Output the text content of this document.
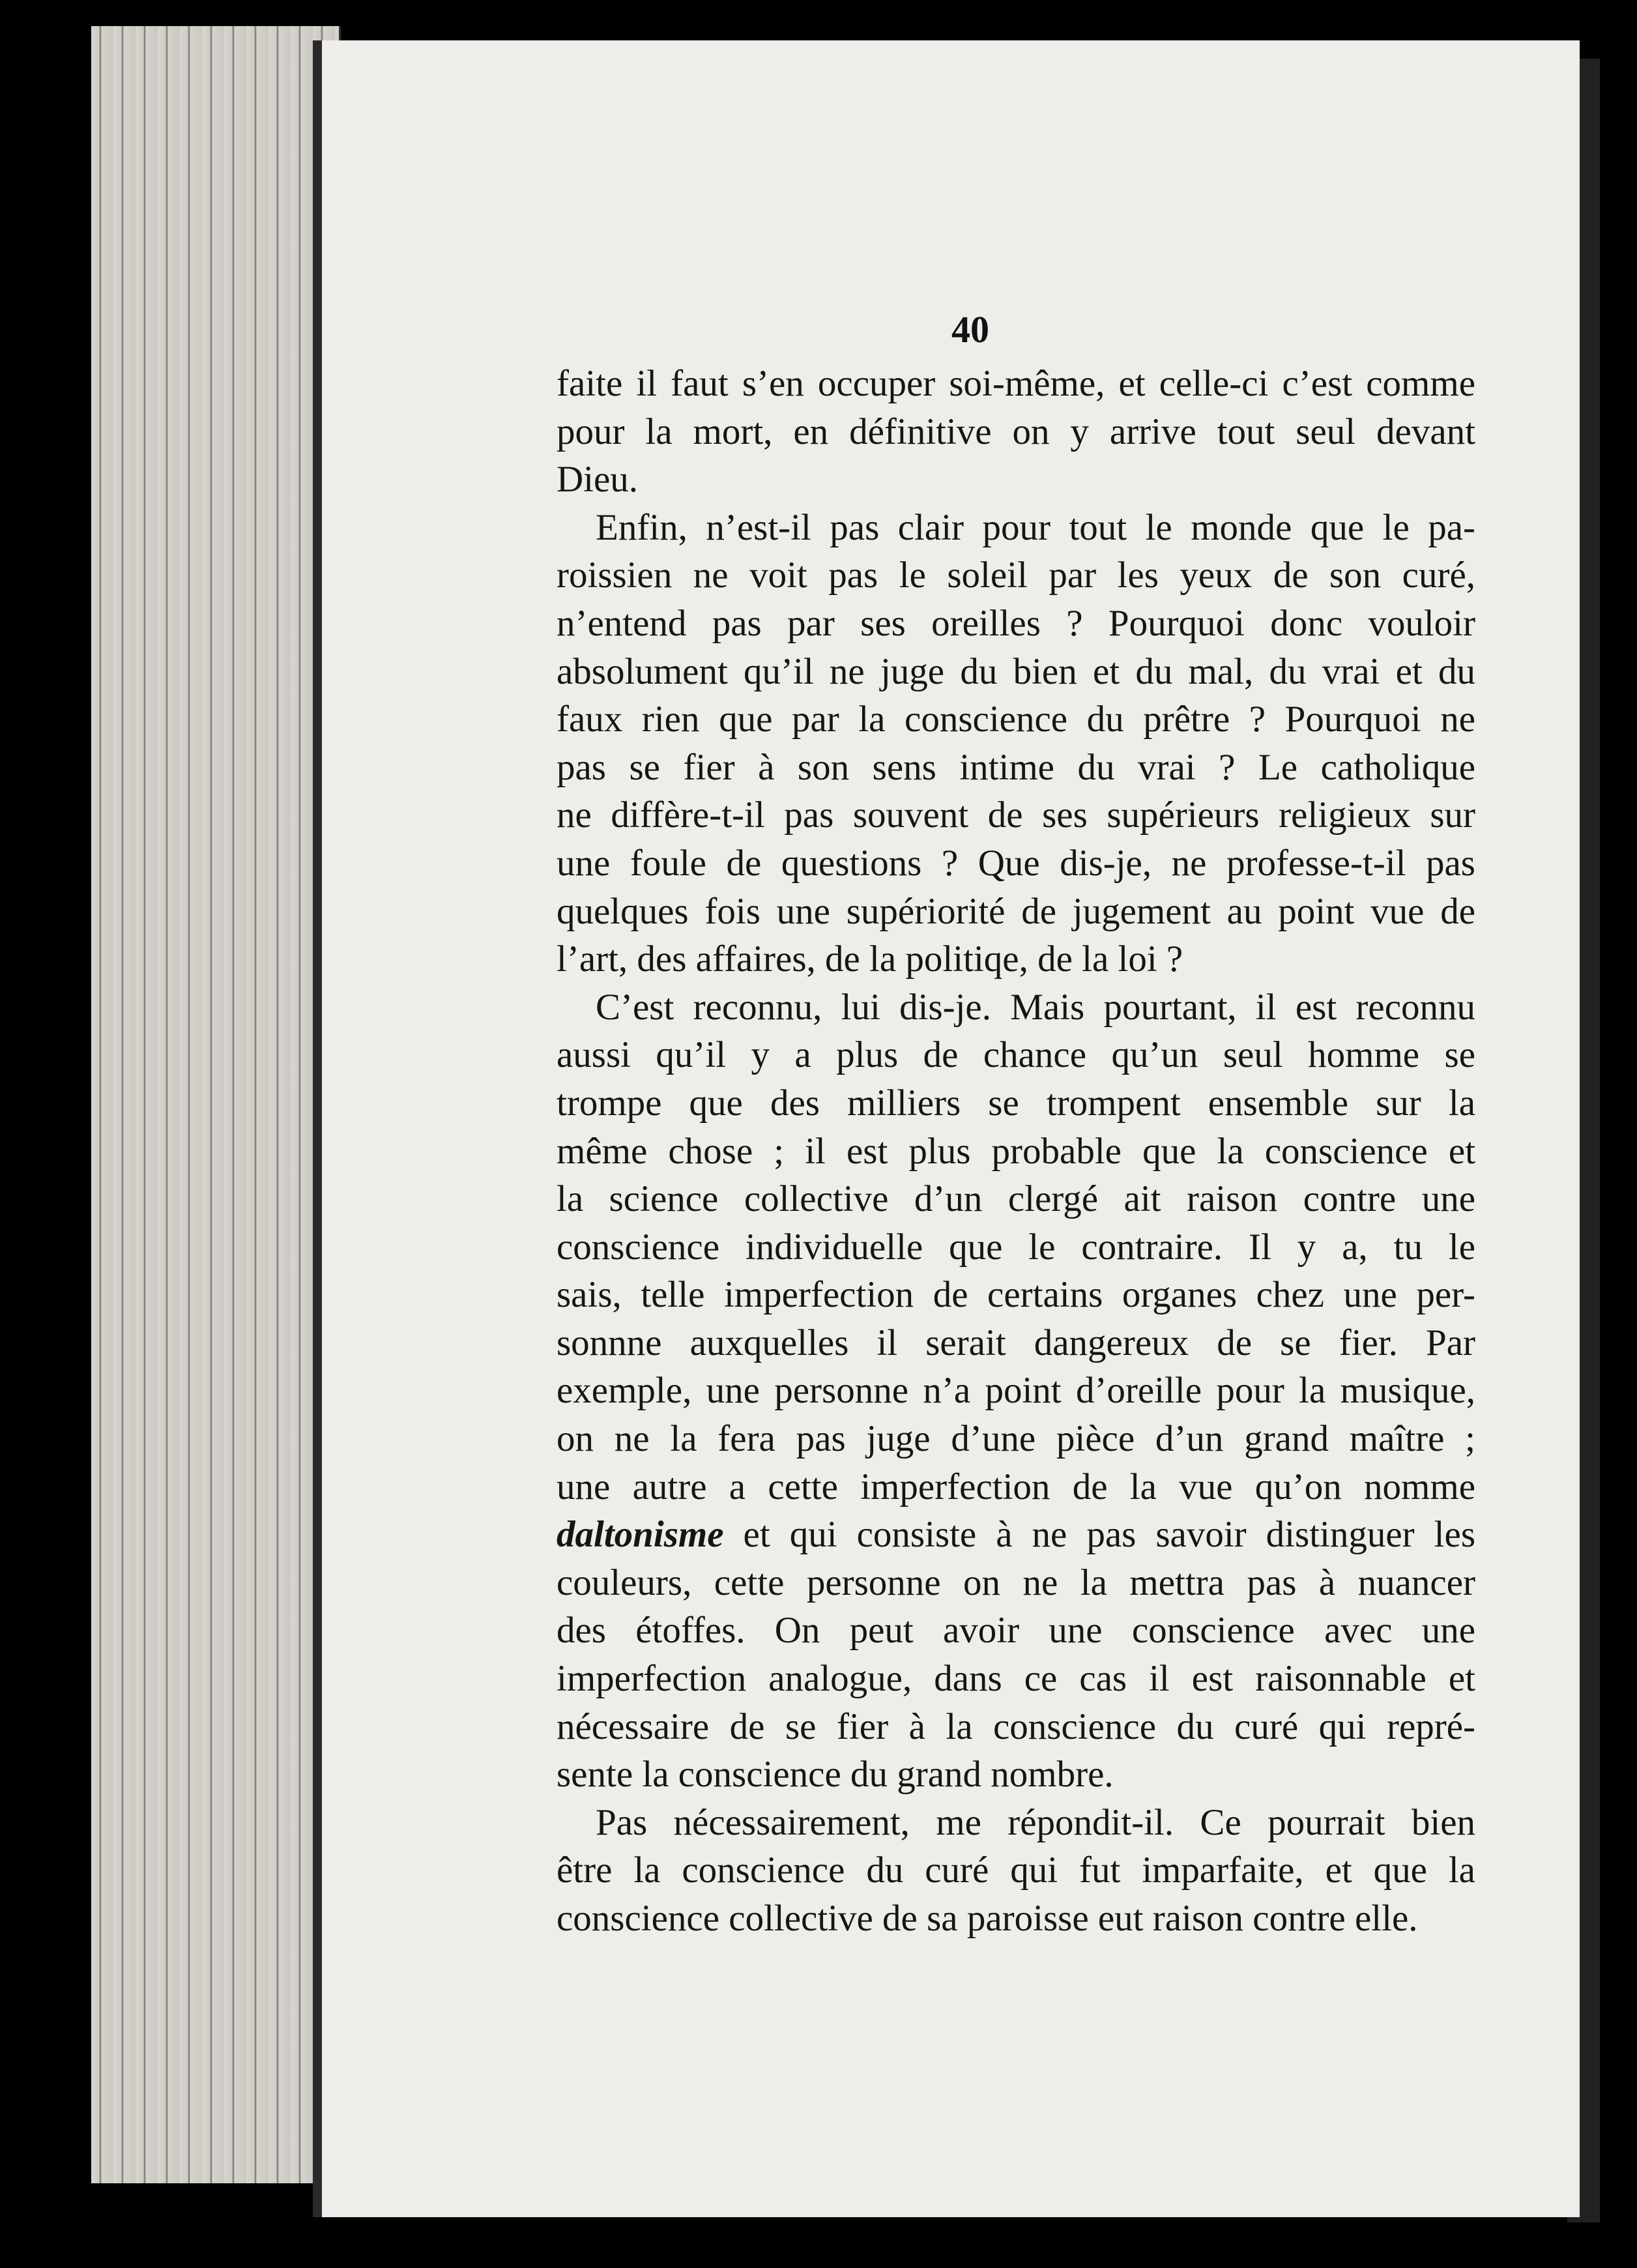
40
faite il faut s’en occuper soi-même, et celle-ci c’est comme
pour la mort, en définitive on y arrive tout seul devant
Dieu.
Enfin, n’est-il pas clair pour tout le monde que le pa-
roissien ne voit pas le soleil par les yeux de son curé,
n’entend pas par ses oreilles ? Pourquoi donc vouloir
absolument qu’il ne juge du bien et du mal, du vrai et du
faux rien que par la conscience du prêtre ? Pourquoi ne
pas se fier à son sens intime du vrai ? Le catholique
ne diffère-t-il pas souvent de ses supérieurs religieux sur
une foule de questions ? Que dis-je, ne professe-t-il pas
quelques fois une supériorité de jugement au point vue de
l’art, des affaires, de la politiqe, de la loi ?
C’est reconnu, lui dis-je. Mais pourtant, il est reconnu
aussi qu’il y a plus de chance qu’un seul homme se
trompe que des milliers se trompent ensemble sur la
même chose ; il est plus probable que la conscience et
la science collective d’un clergé ait raison contre une
conscience individuelle que le contraire. Il y a, tu le
sais, telle imperfection de certains organes chez une per-
sonnne auxquelles il serait dangereux de se fier. Par
exemple, une personne n’a point d’oreille pour la musique,
on ne la fera pas juge d’une pièce d’un grand maître ;
une autre a cette imperfection de la vue qu’on nomme
daltonisme et qui consiste à ne pas savoir distinguer les
couleurs, cette personne on ne la mettra pas à nuancer
des étoffes. On peut avoir une conscience avec une
imperfection analogue, dans ce cas il est raisonnable et
nécessaire de se fier à la conscience du curé qui repré-
sente la conscience du grand nombre.
Pas nécessairement, me répondit-il. Ce pourrait bien
être la conscience du curé qui fut imparfaite, et que la
conscience collective de sa paroisse eut raison contre elle.
